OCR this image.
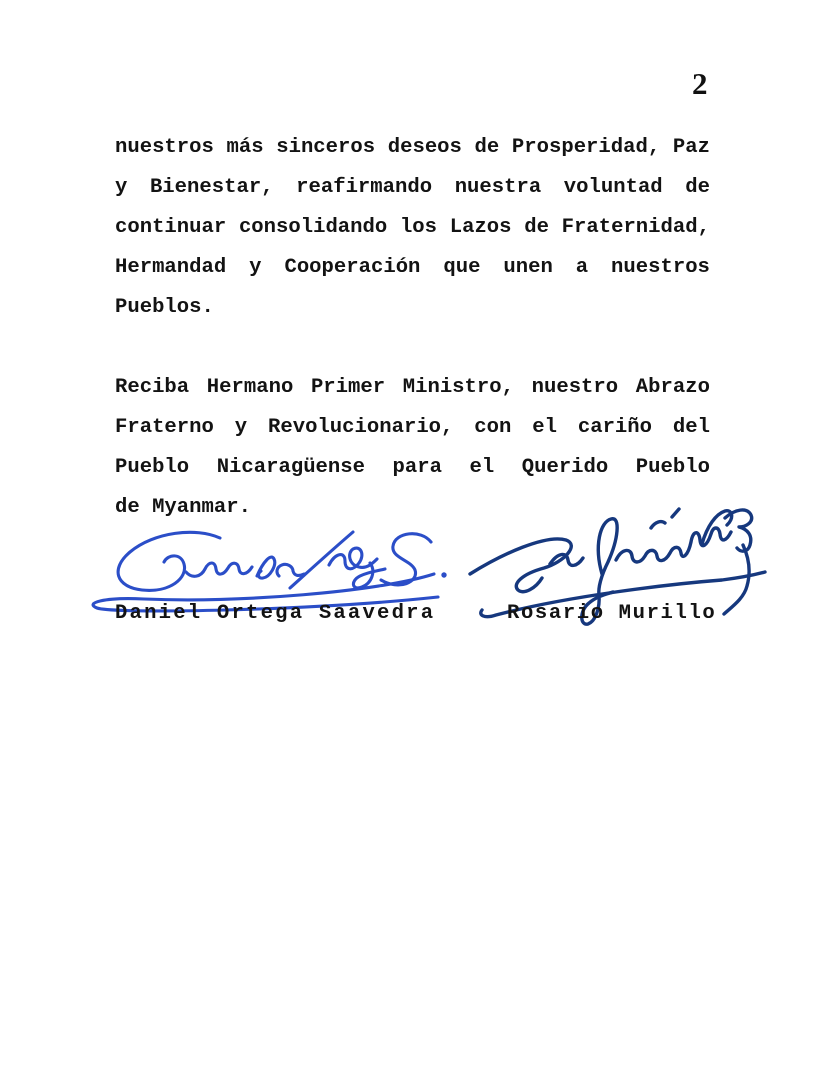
2
nuestros más sinceros deseos de Prosperidad, Paz
y Bienestar, reafirmando nuestra voluntad de
continuar consolidando los Lazos de Fraternidad,
Hermandad y Cooperación que unen a nuestros
Pueblos.
Reciba Hermano Primer Ministro, nuestro Abrazo
Fraterno y Revolucionario, con el cariño del
Pueblo Nicaragüense para el Querido Pueblo
de Myanmar.
Daniel Ortega Saavedra	Rosario Murillo
